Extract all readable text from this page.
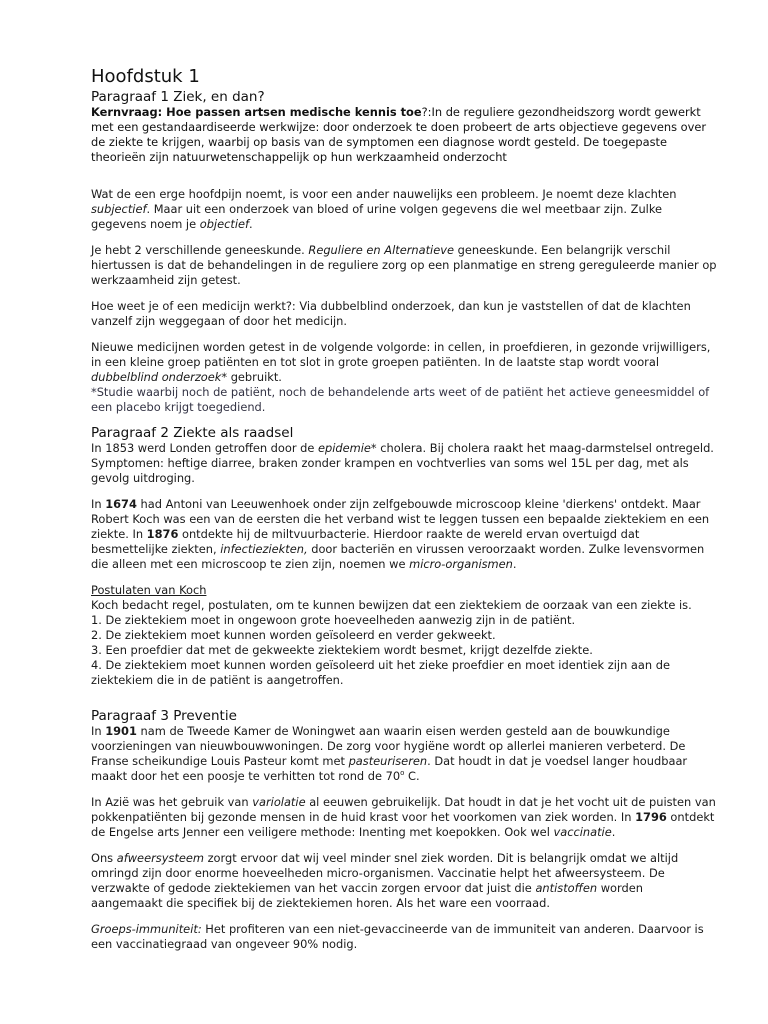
Hoofdstuk 1
Paragraaf 1 Ziek, en dan?

Kernvraag: Hoe passen artsen medische kennis toe?:In de reguliere gezondheidszorg wordt gewerkt met een gestandaardiseerde werkwijze: door onderzoek te doen probeert de arts objectieve gegevens over de ziekte te krijgen, waarbij op basis van de symptomen een diagnose wordt gesteld. De toegepaste theorieën zijn natuurwetenschappelijk op hun werkzaamheid onderzocht

Wat de een erge hoofdpijn noemt, is voor een ander nauwelijks een probleem. Je noemt deze klachten subjectief. Maar uit een onderzoek van bloed of urine volgen gegevens die wel meetbaar zijn. Zulke gegevens noem je objectief.

Je hebt 2 verschillende geneeskunde. Reguliere en Alternatieve geneeskunde. Een belangrijk verschil hiertussen is dat de behandelingen in de reguliere zorg op een planmatige en streng gereguleerde manier op werkzaamheid zijn getest.

Hoe weet je of een medicijn werkt?: Via dubbelblind onderzoek, dan kun je vaststellen of dat de klachten vanzelf zijn weggegaan of door het medicijn.

Nieuwe medicijnen worden getest in de volgende volgorde: in cellen, in proefdieren, in gezonde vrijwilligers, in een kleine groep patiënten en tot slot in grote groepen patiënten. In de laatste stap wordt vooral dubbelblind onderzoek* gebruikt.

*Studie waarbij noch de patiënt, noch de behandelende arts weet of de patiënt het actieve geneesmiddel of een placebo krijgt toegediend.

Paragraaf 2 Ziekte als raadsel

In 1853 werd Londen getroffen door de epidemie* cholera. Bij cholera raakt het maag-darmstelsel ontregeld. Symptomen: heftige diarree, braken zonder krampen en vochtverlies van soms wel 15L per dag, met als gevolg uitdroging.

In 1674 had Antoni van Leeuwenhoek onder zijn zelfgebouwde microscoop kleine 'dierkens' ontdekt. Maar Robert Koch was een van de eersten die het verband wist te leggen tussen een bepaalde ziektekiem en een ziekte. In 1876 ontdekte hij de miltvuurbacterie. Hierdoor raakte de wereld ervan overtuigd dat besmettelijke ziekten, infectieziekten, door bacteriën en virussen veroorzaakt worden. Zulke levensvormen die alleen met een microscoop te zien zijn, noemen we micro-organismen.

Postulaten van Koch

Koch bedacht regel, postulaten, om te kunnen bewijzen dat een ziektekiem de oorzaak van een ziekte is.

1. De ziektekiem moet in ongewoon grote hoeveelheden aanwezig zijn in de patiënt.

2. De ziektekiem moet kunnen worden geïsoleerd en verder gekweekt.

3. Een proefdier dat met de gekweekte ziektekiem wordt besmet, krijgt dezelfde ziekte.

4. De ziektekiem moet kunnen worden geïsoleerd uit het zieke proefdier en moet identiek zijn aan de ziektekiem die in de patiënt is aangetroffen.

Paragraaf 3 Preventie

In 1901 nam de Tweede Kamer de Woningwet aan waarin eisen werden gesteld aan de bouwkundige voorzieningen van nieuwbouwwoningen. De zorg voor hygiëne wordt op allerlei manieren verbeterd. De Franse scheikundige Louis Pasteur komt met pasteuriseren. Dat houdt in dat je voedsel langer houdbaar maakt door het een poosje te verhitten tot rond de 70$^o$ C.

In Azië was het gebruik van variolatie al eeuwen gebruikelijk. Dat houdt in dat je het vocht uit de puisten van pokkenpatiënten bij gezonde mensen in de huid krast voor het voorkomen van ziek worden. In 1796 ontdekt de Engelse arts Jenner een veiligere methode: Inenting met koepokken. Ook wel vaccinatie.

Ons afweersysteem zorgt ervoor dat wij veel minder snel ziek worden. Dit is belangrijk omdat we altijd omringd zijn door enorme hoeveelheden micro-organismen. Vaccinatie helpt het afweersysteem. De verzwakte of gedode ziektekiemen van het vaccin zorgen ervoor dat juist die antistoffen worden aangemaakt die specifiek bij de ziektekiemen horen. Als het ware een voorraad.

Groeps-immuniteit: Het profiteren van een niet-gevaccineerde van de immuniteit van anderen. Daarvoor is een vaccinatiegraad van ongeveer 90% nodig.
